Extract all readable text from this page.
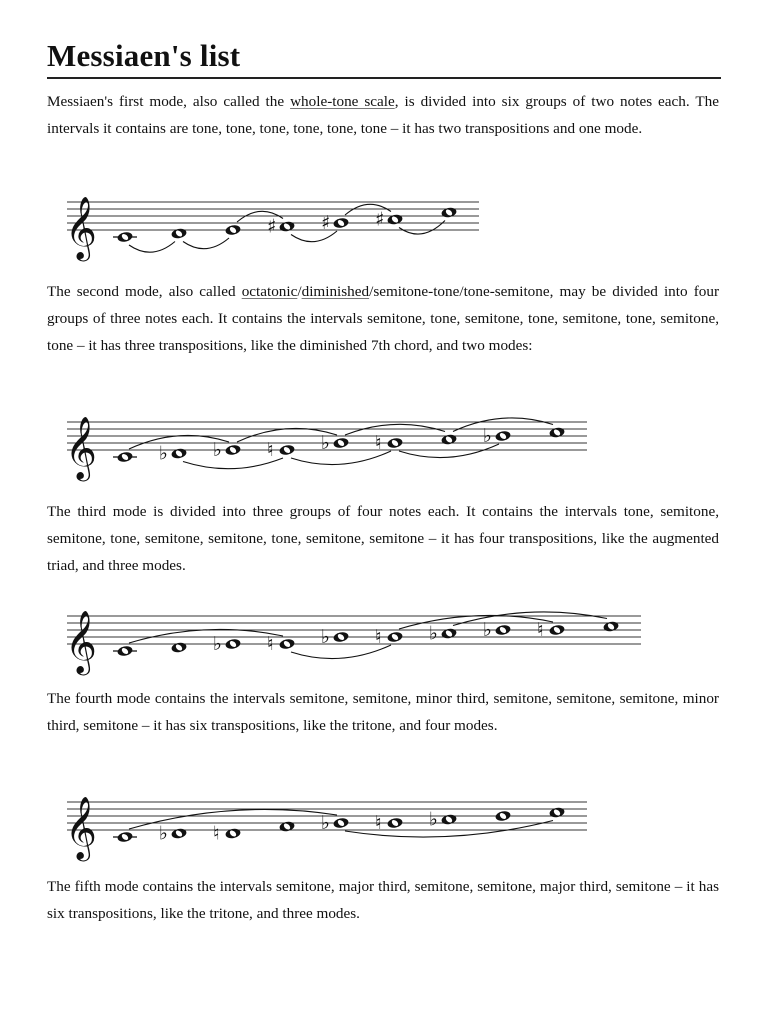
Messiaen's list

Messiaen's first mode, also called the whole-tone scale, is divided into six groups of two notes each. The intervals it contains are tone, tone, tone, tone, tone, tone – it has two transpositions and one mode.

𝄞	♯ ♯ ♯

The second mode, also called octatonic/diminished/semitone-tone/tone-semitone, may be divided into four groups of three notes each. It contains the intervals semitone, tone, semitone, tone, semitone, tone, semitone, tone – it has three transpositions, like the diminished 7th chord, and two modes:

𝄞	♭ ♭ ♮ ♭ ♮	♭

The third mode is divided into three groups of four notes each. It contains the intervals tone, semitone, semitone, tone, semitone, semitone, tone, semitone, semitone – it has four transpositions, like the augmented triad, and three modes.

𝄞	♭ ♮ ♭ ♮ ♭ ♭ ♮

The fourth mode contains the intervals semitone, semitone, minor third, semitone, semitone, semitone, minor third, semitone – it has six transpositions, like the tritone, and four modes.

𝄞	♭ ♮	♭ ♮ ♭

The fifth mode contains the intervals semitone, major third, semitone, semitone, major third, semitone – it has six transpositions, like the tritone, and three modes.
